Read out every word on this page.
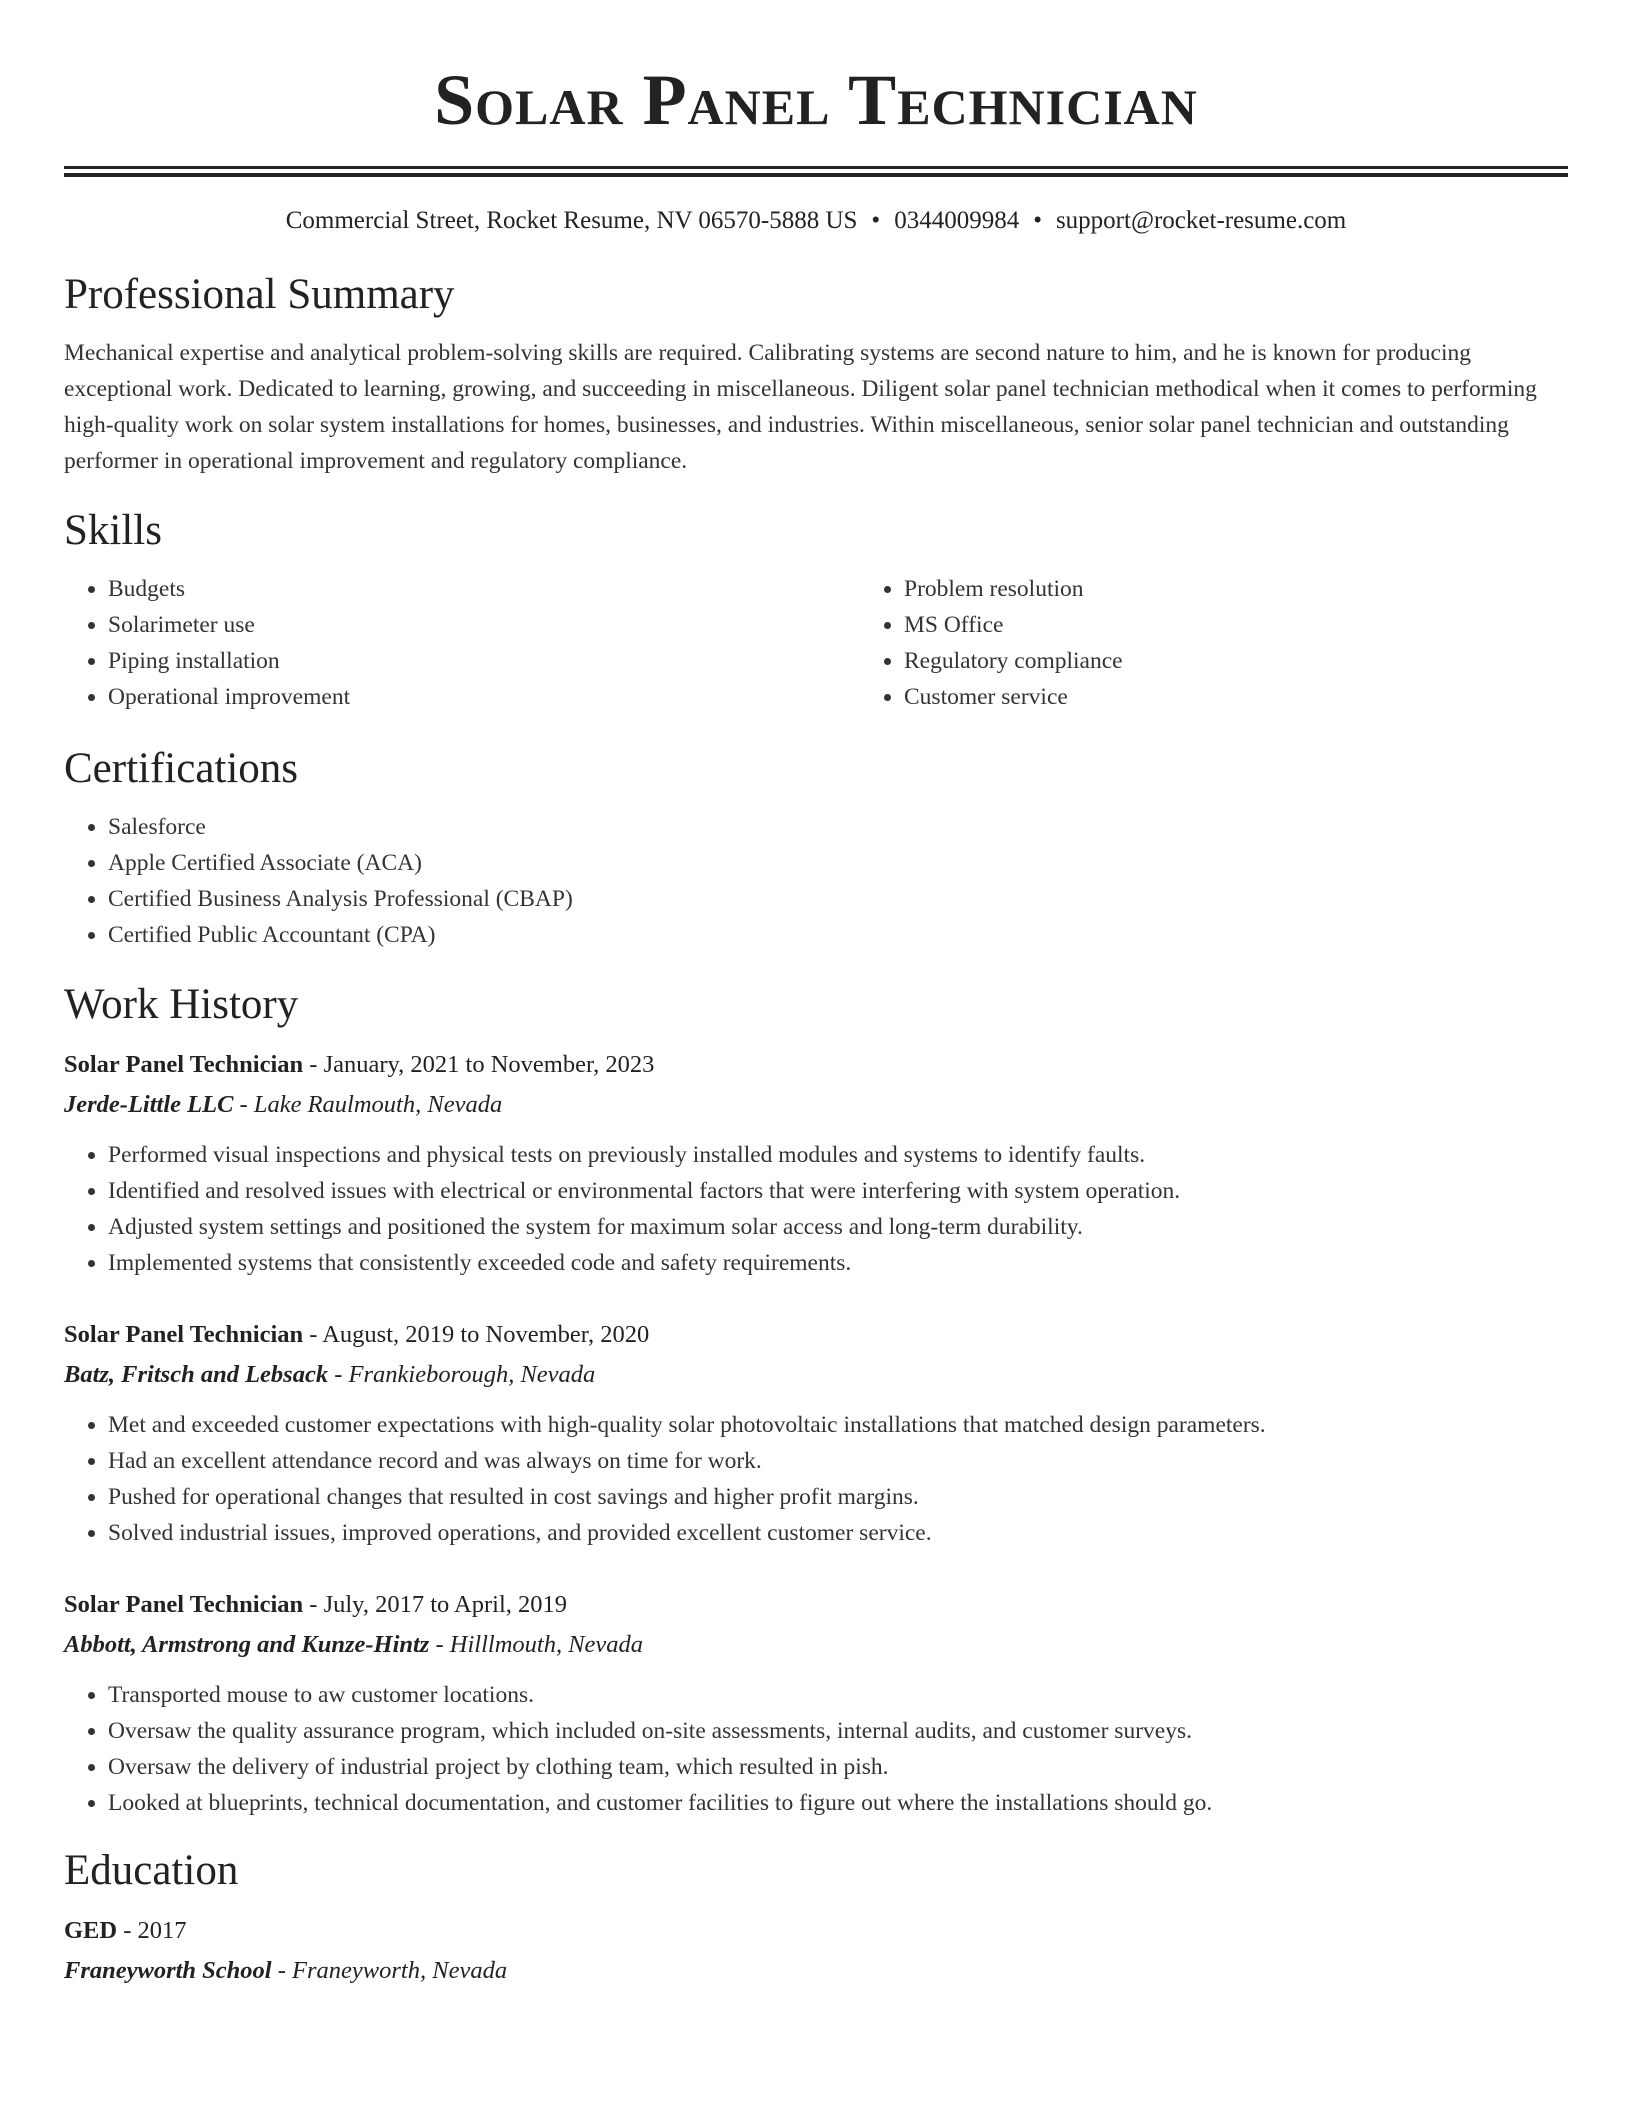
Solar Panel Technician
Commercial Street, Rocket Resume, NV 06570-5888 US • 0344009984 • support@rocket-resume.com
Professional Summary
Mechanical expertise and analytical problem-solving skills are required. Calibrating systems are second nature to him, and he is known for producing exceptional work. Dedicated to learning, growing, and succeeding in miscellaneous. Diligent solar panel technician methodical when it comes to performing high-quality work on solar system installations for homes, businesses, and industries. Within miscellaneous, senior solar panel technician and outstanding performer in operational improvement and regulatory compliance.
Skills
• Budgets
• Solarimeter use
• Piping installation
• Operational improvement
• Problem resolution
• MS Office
• Regulatory compliance
• Customer service
Certifications
• Salesforce
• Apple Certified Associate (ACA)
• Certified Business Analysis Professional (CBAP)
• Certified Public Accountant (CPA)
Work History
Solar Panel Technician - January, 2021 to November, 2023
Jerde-Little LLC - Lake Raulmouth, Nevada
• Performed visual inspections and physical tests on previously installed modules and systems to identify faults.
• Identified and resolved issues with electrical or environmental factors that were interfering with system operation.
• Adjusted system settings and positioned the system for maximum solar access and long-term durability.
• Implemented systems that consistently exceeded code and safety requirements.
Solar Panel Technician - August, 2019 to November, 2020
Batz, Fritsch and Lebsack - Frankieborough, Nevada
• Met and exceeded customer expectations with high-quality solar photovoltaic installations that matched design parameters.
• Had an excellent attendance record and was always on time for work.
• Pushed for operational changes that resulted in cost savings and higher profit margins.
• Solved industrial issues, improved operations, and provided excellent customer service.
Solar Panel Technician - July, 2017 to April, 2019
Abbott, Armstrong and Kunze-Hintz - Hilllmouth, Nevada
• Transported mouse to aw customer locations.
• Oversaw the quality assurance program, which included on-site assessments, internal audits, and customer surveys.
• Oversaw the delivery of industrial project by clothing team, which resulted in pish.
• Looked at blueprints, technical documentation, and customer facilities to figure out where the installations should go.
Education
GED - 2017
Franeyworth School - Franeyworth, Nevada
